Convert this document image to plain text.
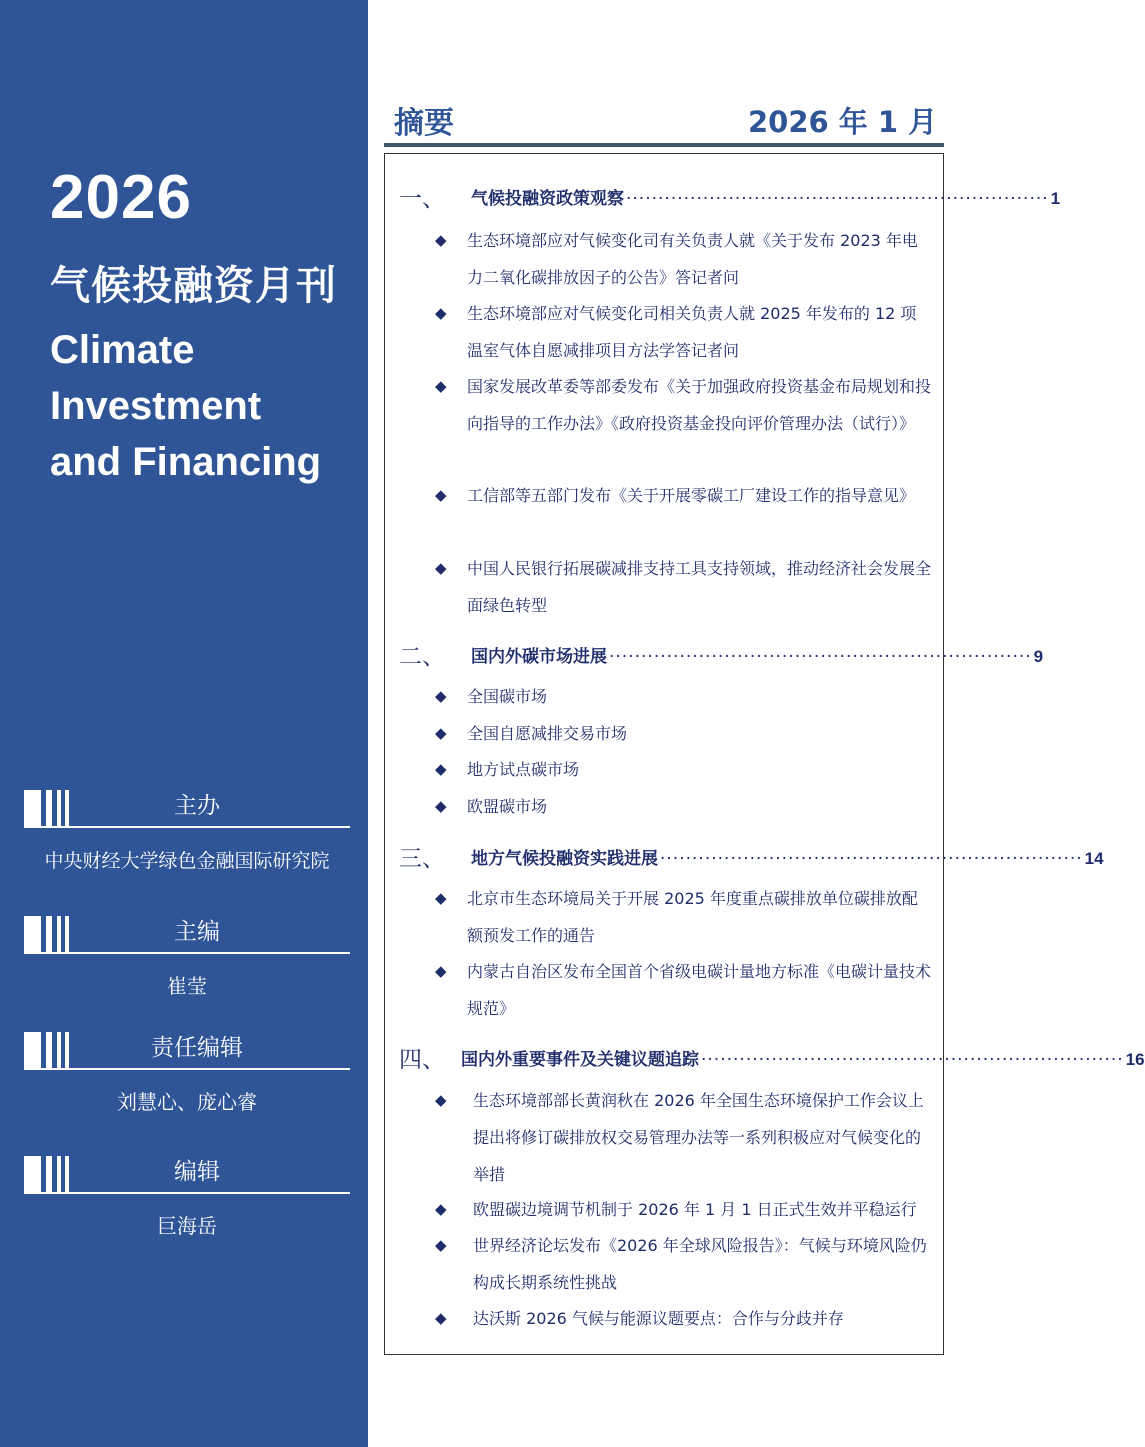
2026
气候投融资月刊
Climate
Investment
and Financing
主办
中央财经大学绿色金融国际研究院
主编
崔莹
责任编辑
刘慧心、庞心睿
编辑
巨海岳
摘要	2026 年 1 月
一、 气候投融资政策观察 ·································································· 1
◆ 生态环境部应对气候变化司有关负责人就《关于发布 2023 年电力二氧化碳排放因子的公告》答记者问
◆ 生态环境部应对气候变化司相关负责人就 2025 年发布的 12 项温室气体自愿减排项目方法学答记者问
◆ 国家发展改革委等部委发布《关于加强政府投资基金布局规划和投向指导的工作办法》《政府投资基金投向评价管理办法（试行）》
◆ 工信部等五部门发布《关于开展零碳工厂建设工作的指导意见》
◆ 中国人民银行拓展碳减排支持工具支持领域，推动经济社会发展全面绿色转型
二、 国内外碳市场进展 ·································································· 9
◆ 全国碳市场
◆ 全国自愿减排交易市场
◆ 地方试点碳市场
◆ 欧盟碳市场
三、 地方气候投融资实践进展 ·································································· 14
◆ 北京市生态环境局关于开展 2025 年度重点碳排放单位碳排放配额预发工作的通告
◆ 内蒙古自治区发布全国首个省级电碳计量地方标准《电碳计量技术规范》
四、 国内外重要事件及关键议题追踪 ·································································· 16
◆ 生态环境部部长黄润秋在 2026 年全国生态环境保护工作会议上提出将修订碳排放权交易管理办法等一系列积极应对气候变化的举措
◆ 欧盟碳边境调节机制于 2026 年 1 月 1 日正式生效并平稳运行
◆ 世界经济论坛发布《2026 年全球风险报告》：气候与环境风险仍构成长期系统性挑战
◆ 达沃斯 2026 气候与能源议题要点：合作与分歧并存
